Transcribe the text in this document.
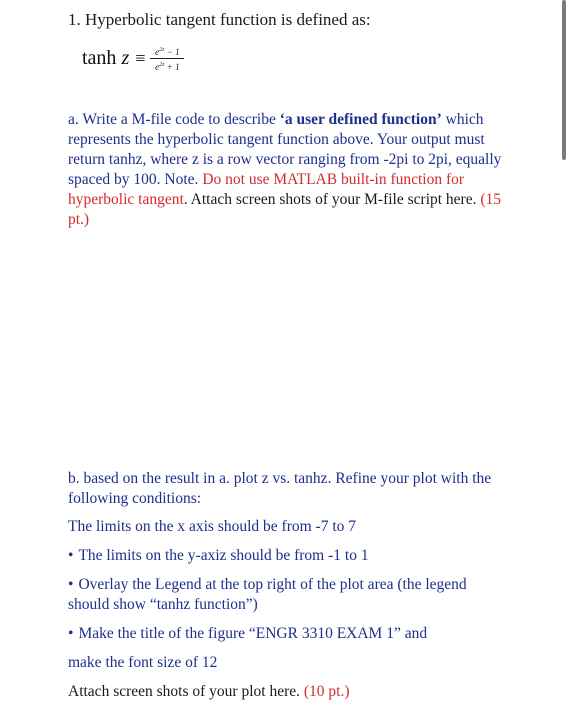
1. Hyperbolic tangent function is defined as:
$\tanh z \equiv \frac{e^{2z} - 1}{e^{2z} + 1}$
a. Write a M-file code to describe ‘a user defined function’ which represents the hyperbolic tangent function above. Your output must return tanhz, where z is a row vector ranging from -2pi to 2pi, equally spaced by 100. Note. Do not use MATLAB built-in function for hyperbolic tangent. Attach screen shots of your M-file script here. (15 pt.)
b. based on the result in a. plot z vs. tanhz. Refine your plot with the following conditions:
The limits on the x axis should be from -7 to 7
• The limits on the y-axiz should be from -1 to 1
• Overlay the Legend at the top right of the plot area (the legend should show “tanhz function”)
• Make the title of the figure “ENGR 3310 EXAM 1” and
make the font size of 12
Attach screen shots of your plot here. (10 pt.)
